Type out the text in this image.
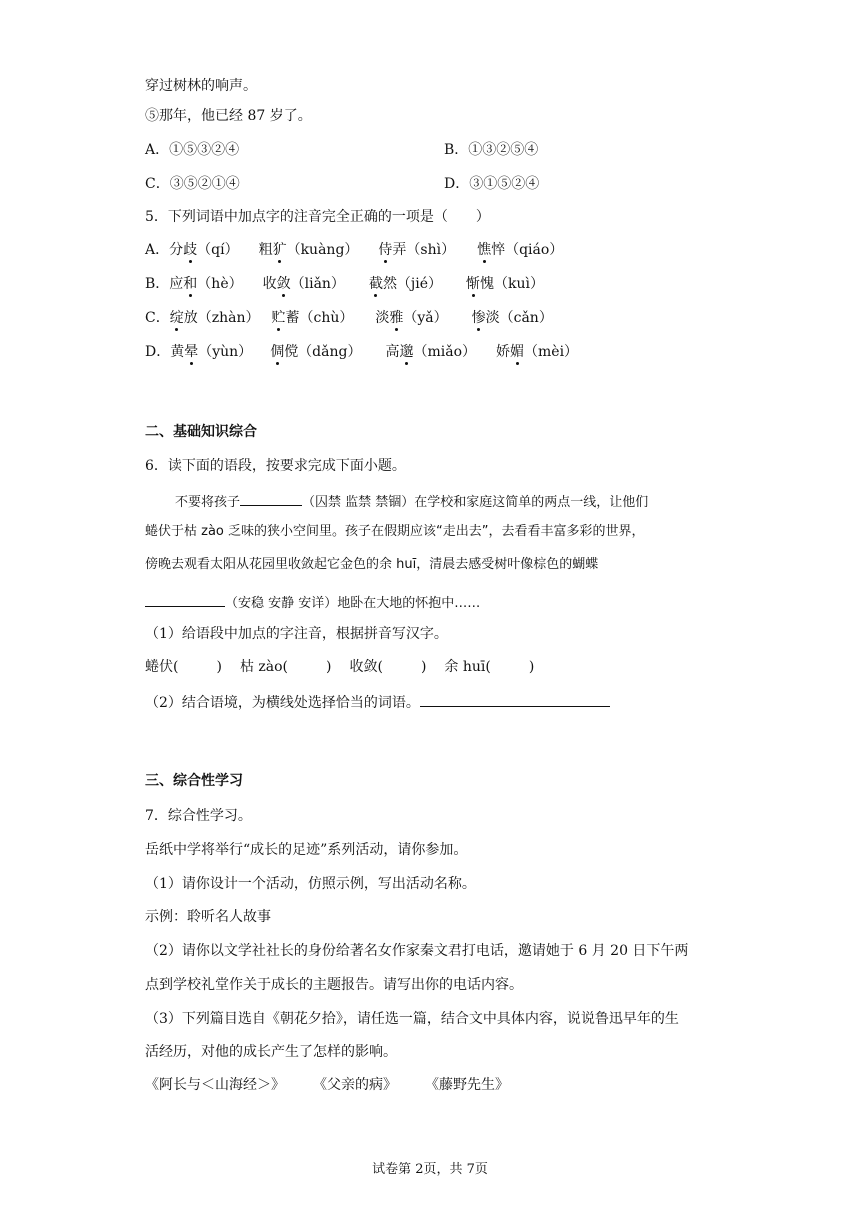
穿过树林的响声。
⑤那年，他已经 87 岁了。
A．①⑤③②④	B．①③②⑤④
C．③⑤②①④	D．③①⑤②④
5．下列词语中加点字的注音完全正确的一项是（　　）
A．分歧（qí） 粗犷（kuàng） 侍弄（shì） 憔悴（qiáo）
B．应和（hè） 收敛（liǎn） 截然（jié） 惭愧（kuì）
C．绽放（zhàn） 贮蓄（chù） 淡雅（yǎ） 惨淡（cǎn）
D．黄晕（yùn） 倜傥（dǎng） 高邈（miǎo） 娇媚（mèi）
二、基础知识综合
6．读下面的语段，按要求完成下面小题。
不要将孩子	（囚禁 监禁 禁锢）在学校和家庭这简单的两点一线，让他们
蜷伏于枯 zào 乏味的狭小空间里。孩子在假期应该“走出去”，去看看丰富多彩的世界，
傍晚去观看太阳从花园里收敛起它金色的余 huī，清晨去感受树叶像棕色的蝴蝶
（安稳 安静 安详）地卧在大地的怀抱中……
（1）给语段中加点的字注音，根据拼音写汉字。
蜷伏(	) 枯 zào(	) 收敛(	) 余 huī(	)
（2）结合语境，为横线处选择恰当的词语。
三、综合性学习
7．综合性学习。
岳纸中学将举行“成长的足迹”系列活动，请你参加。
（1）请你设计一个活动，仿照示例，写出活动名称。
示例：聆听名人故事
（2）请你以文学社社长的身份给著名女作家秦文君打电话，邀请她于 6 月 20 日下午两
点到学校礼堂作关于成长的主题报告。请写出你的电话内容。
（3）下列篇目选自《朝花夕拾》，请任选一篇，结合文中具体内容，说说鲁迅早年的生
活经历，对他的成长产生了怎样的影响。
《阿长与＜山海经＞》 《父亲的病》 《藤野先生》
试卷第 2页，共 7页
